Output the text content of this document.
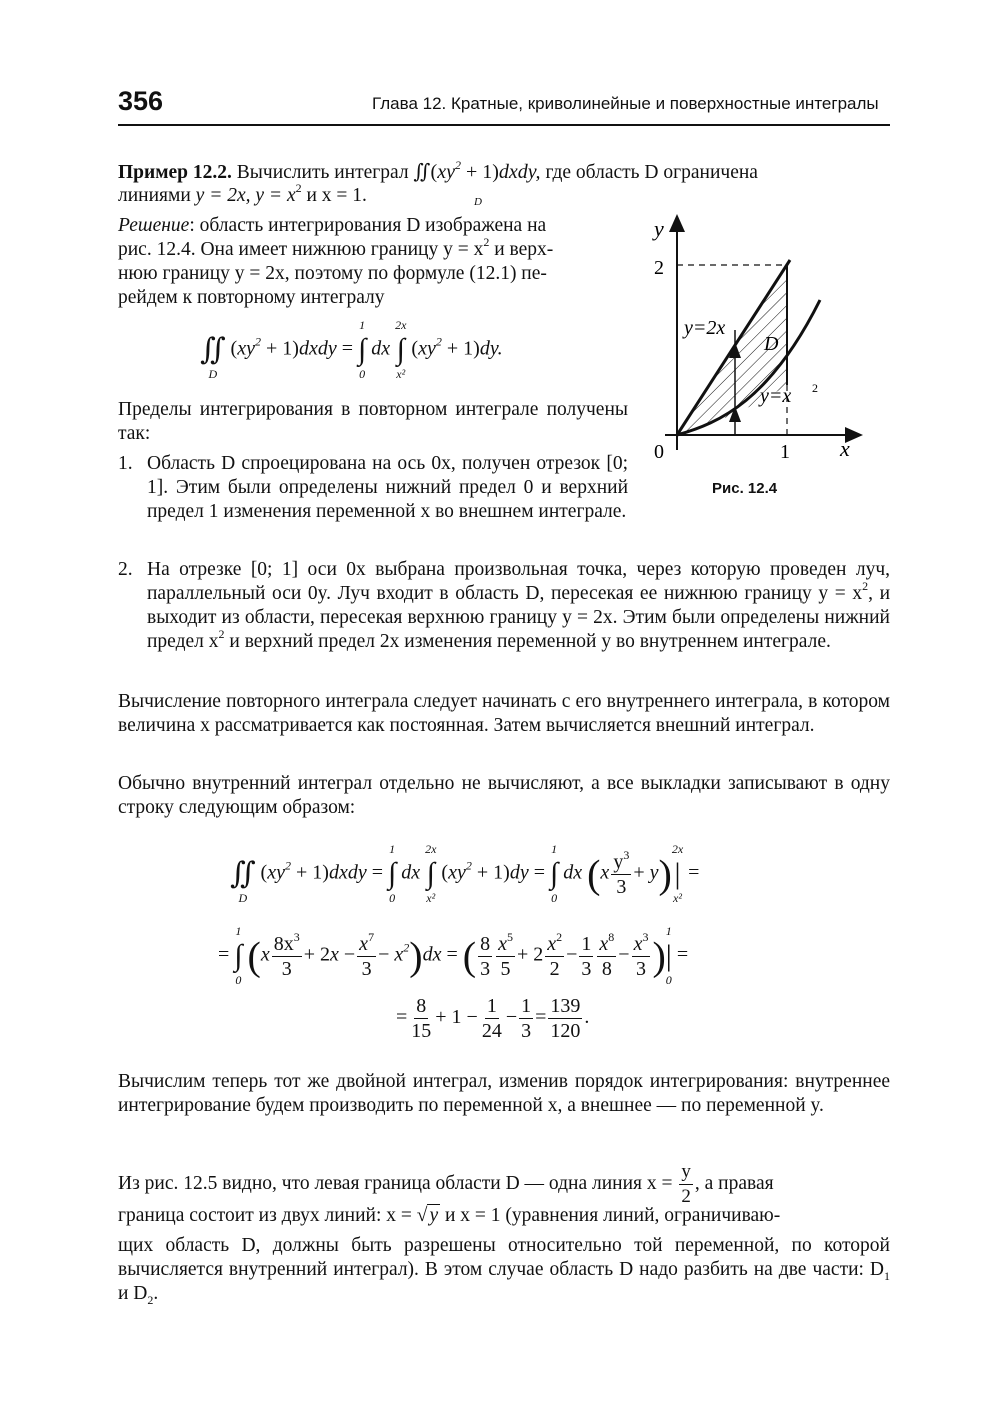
356	Глава 12. Кратные, криволинейные и поверхностные интегралы
Пример 12.2. Вычислить интеграл $∬(xy^2$ + 1)dxdy, где область D ограничена
линиями y = 2x, $y = x^2$ и x = 1.	D
Решение: область интегрирования D изображена на
рис. 12.4. Она имеет нижнюю границу $y = x^2$ и верх-
нюю границу y = 2x, поэтому по формуле (12.1) пе-
рейдем к повторному интегралу
∬
D
($xy^2$ + 1)dxdy =
1
∫
0
dx
2x
∫
x²
$(xy^2 + 1)dy$.
Пределы интегрирования в повторном интеграле получены так:
1. Область D спроецирована на ось 0x, получен отрезок [0; 1]. Этим были определены нижний предел 0 и верхний предел 1 изменения переменной x во внешнем интеграле.
2. На отрезке [0; 1] оси 0x выбрана произвольная точка, через которую проведен луч, параллельный оси 0y. Луч входит в область D, пересекая ее нижнюю границу $y = x^2$, и выходит из области, пересекая верхнюю границу y = 2x. Этим были определены нижний предел $x^2$ и верхний предел 2x изменения переменной y во внутреннем интеграле.
Вычисление повторного интеграла следует начинать с его внутреннего интеграла, в котором величина x рассматривается как постоянная. Затем вычисляется внешний интеграл.
Обычно внутренний интеграл отдельно не вычисляют, а все выкладки записывают в одну строку следующим образом:
∬
D
($xy^2$ + 1)dxdy =
1
∫
0
dx
2x
∫
x²
$(xy^2 + 1)dy$ =
1
∫
0
dx $(x \frac{y^3}{3} + y)$
2x
|
x²
=
=
1
∫
0
$(x \frac{8x^3}{3} + 2x - \frac{x^7}{3} - x^2)dx$ = ( $\frac{8}{3} \frac{x^5}{5} + 2 \frac{x^2}{2} - \frac{1}{3} \frac{x^8}{8} - \frac{x^3}{3}$ )
1
|
0
=
= $\frac{8}{15} + 1 - \frac{1}{24} - \frac{1}{3} = \frac{139}{120}$ .
Вычислим теперь тот же двойной интеграл, изменив порядок интегрирования: внутреннее интегрирование будем производить по переменной x, а внешнее — по переменной y.
Из рис. 12.5 видно, что левая граница области D — одна линия $x = \frac{y}{2}$ , а правая
граница состоит из двух линий: x = √ y и x = 1 (уравнения линий, ограничиваю-
щих область D, должны быть разрешены относительно той переменной, по которой вычисляется внутренний интеграл). В этом случае область D надо разбить на две части: $D_1$ и $D_2$.
y
x
2
1
0
y=2x
D
y=x 2
Рис. 12.4
